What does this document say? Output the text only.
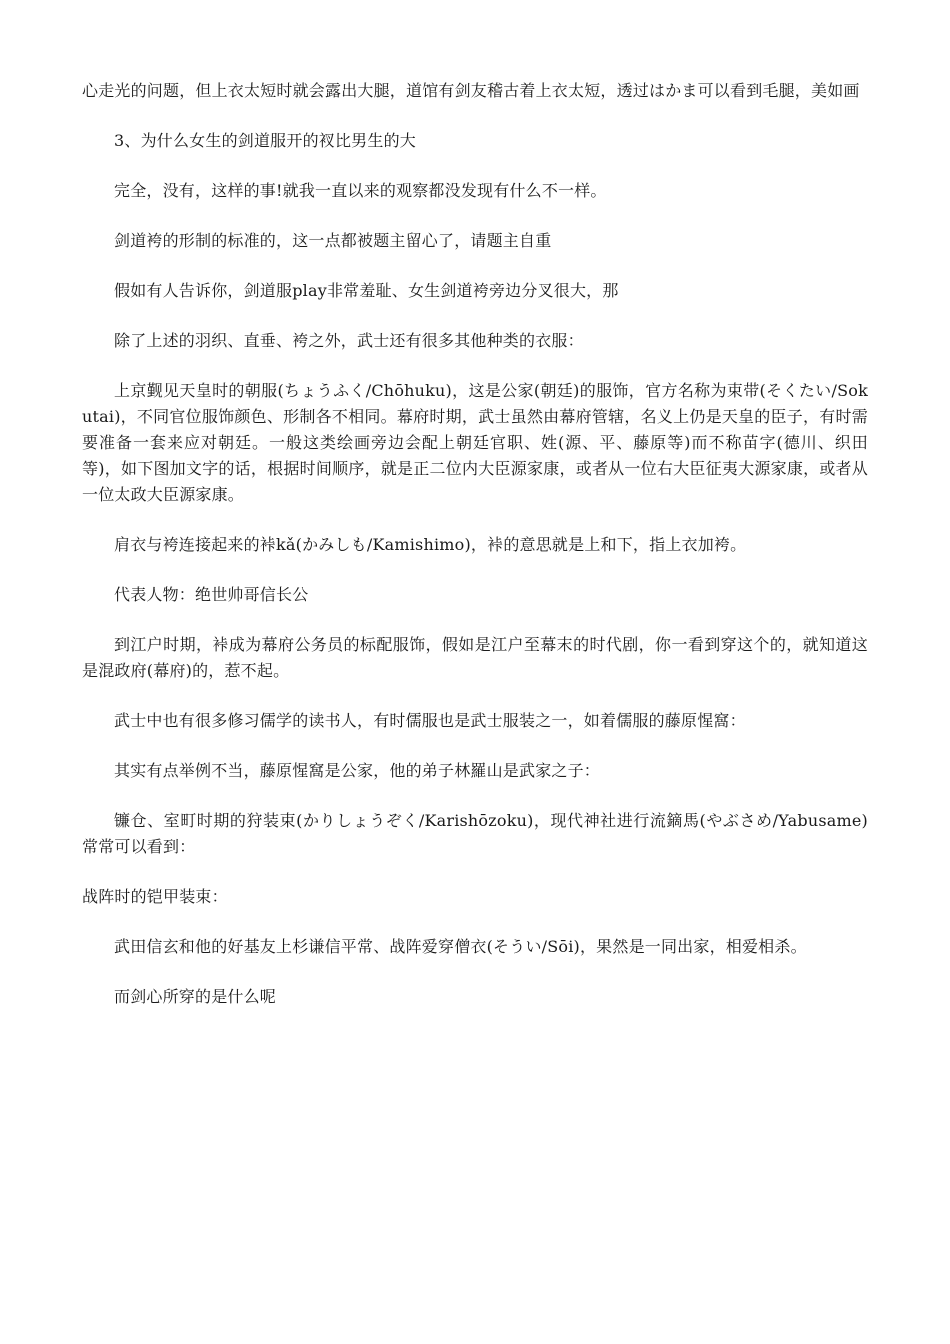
心走光的问题，但上衣太短时就会露出大腿，道馆有剑友稽古着上衣太短，透过はかま可以看到毛腿，美如画

3、为什么女生的剑道服开的衩比男生的大

完全，没有，这样的事!就我一直以来的观察都没发现有什么不一样。

剑道袴的形制的标准的，这一点都被题主留心了，请题主自重

假如有人告诉你，剑道服play非常羞耻、女生剑道袴旁边分叉很大，那

除了上述的羽织、直垂、袴之外，武士还有很多其他种类的衣服：

上京觐见天皇时的朝服(ちょうふく/Chōhuku)，这是公家(朝廷)的服饰，官方名称为束带(そくたい/Sokutai)，不同官位服饰颜色、形制各不相同。幕府时期，武士虽然由幕府管辖，名义上仍是天皇的臣子，有时需要准备一套来应对朝廷。一般这类绘画旁边会配上朝廷官职、姓(源、平、藤原等)而不称苗字(德川、织田等)，如下图加文字的话，根据时间顺序，就是正二位内大臣源家康，或者从一位右大臣征夷大源家康，或者从一位太政大臣源家康。

肩衣与袴连接起来的裃kǎ(かみしも/Kamishimo)，裃的意思就是上和下，指上衣加袴。

代表人物：绝世帅哥信长公

到江户时期，裃成为幕府公务员的标配服饰，假如是江户至幕末的时代剧，你一看到穿这个的，就知道这是混政府(幕府)的，惹不起。

武士中也有很多修习儒学的读书人，有时儒服也是武士服装之一，如着儒服的藤原惺窩：

其实有点举例不当，藤原惺窩是公家，他的弟子林羅山是武家之子：

镰仓、室町时期的狩装束(かりしょうぞく/Karishōzoku)，现代神社进行流鏑馬(やぶさめ/Yabusame)常常可以看到：

战阵时的铠甲装束：

武田信玄和他的好基友上杉谦信平常、战阵爱穿僧衣(そうい/Sōi)，果然是一同出家，相爱相杀。

而剑心所穿的是什么呢
